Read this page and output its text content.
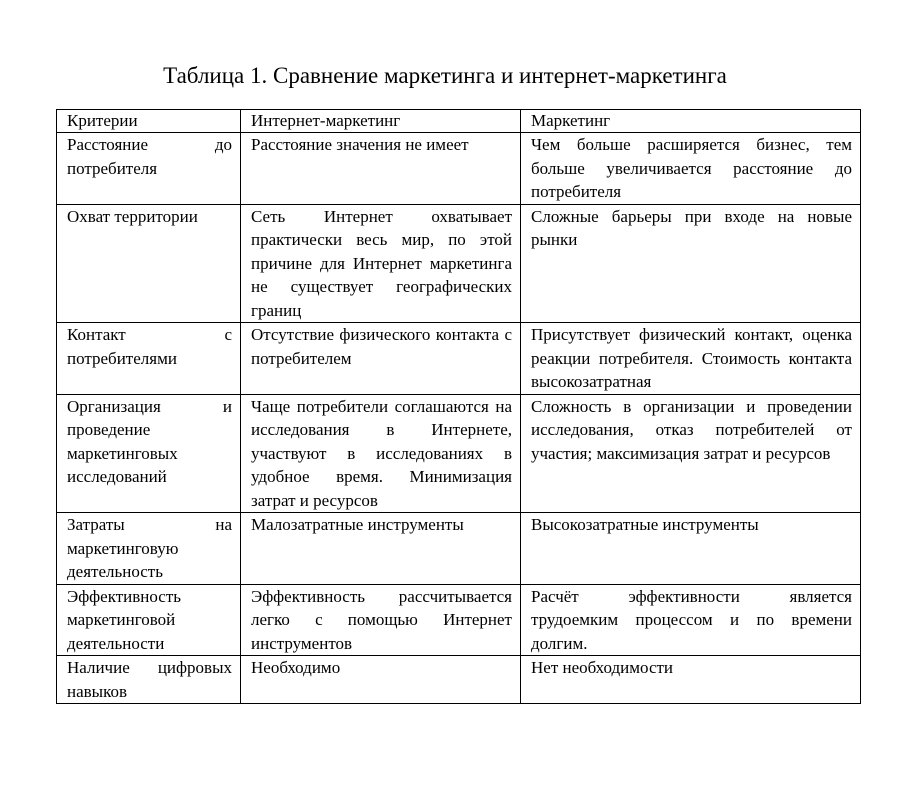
Таблица 1. Сравнение маркетинга и интернет-маркетинга
Критерии	Интернет-маркетинг	Маркетинг
Расстояние до потребителя	Расстояние значения не имеет	Чем больше расширяется бизнес, тем больше увеличивается расстояние до потребителя
Охват территории	Сеть Интернет охватывает практически весь мир, по этой причине для Интернет маркетинга не существует географических границ	Сложные барьеры при входе на новые рынки
Контакт с потребителями	Отсутствие физического контакта с потребителем	Присутствует физический контакт, оценка реакции потребителя. Стоимость контакта высокозатратная
Организация и проведение маркетинговых исследований	Чаще потребители соглашаются на исследования в Интернете, участвуют в исследованиях в удобное время. Минимизация затрат и ресурсов	Сложность в организации и проведении исследования, отказ потребителей от участия; максимизация затрат и ресурсов
Затраты на маркетинговую деятельность	Малозатратные инструменты	Высокозатратные инструменты
Эффективность маркетинговой деятельности	Эффективность рассчитывается легко с помощью Интернет инструментов	Расчёт эффективности является трудоемким процессом и по времени долгим.
Наличие цифровых навыков	Необходимо	Нет необходимости
